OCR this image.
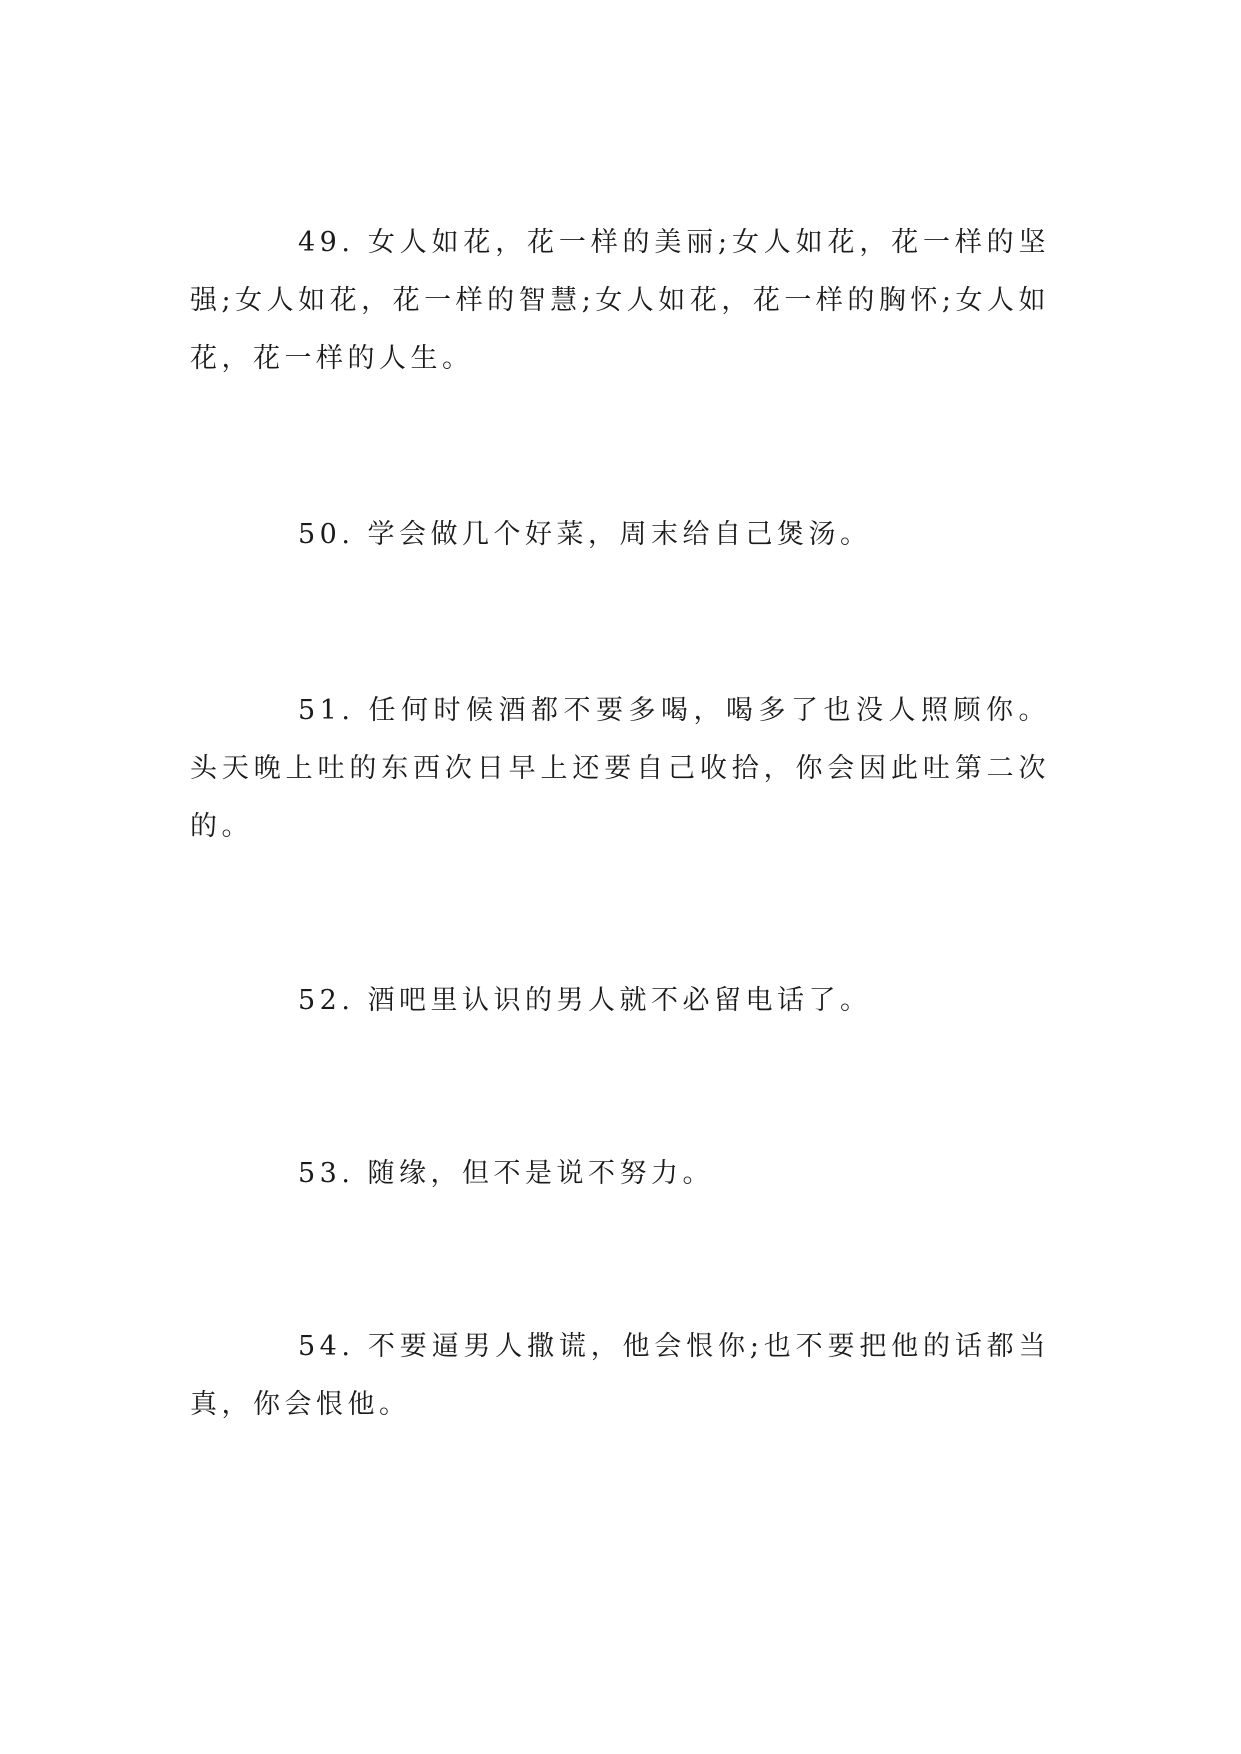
49. 女人如花，花一样的美丽;女人如花，花一样的坚强;女人如花，花一样的智慧;女人如花，花一样的胸怀;女人如花，花一样的人生。

50. 学会做几个好菜，周末给自己煲汤。

51. 任何时候酒都不要多喝，喝多了也没人照顾你。头天晚上吐的东西次日早上还要自己收拾，你会因此吐第二次的。

52. 酒吧里认识的男人就不必留电话了。

53. 随缘，但不是说不努力。

54. 不要逼男人撒谎，他会恨你;也不要把他的话都当真，你会恨他。
